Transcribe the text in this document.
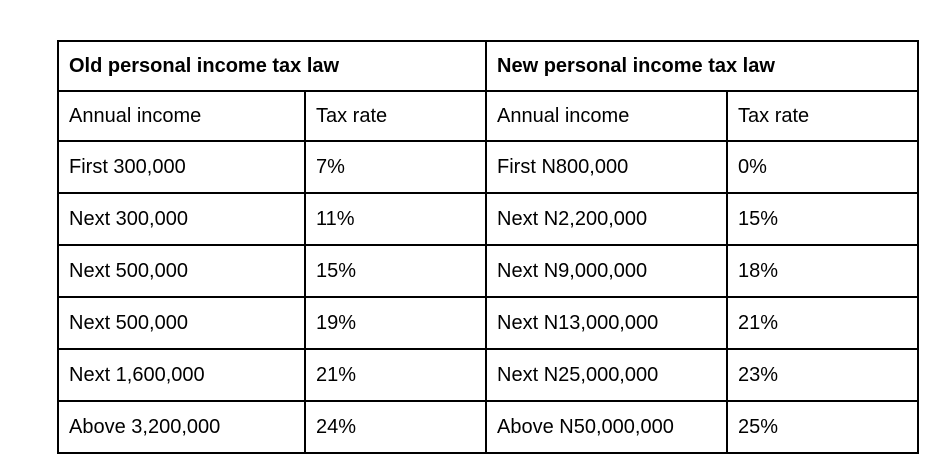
Old personal income tax law		New personal income tax law	
Annual income	Tax rate	Annual income	Tax rate
First 300,000	7%	First N800,000	0%
Next 300,000	11%	Next N2,200,000	15%
Next 500,000	15%	Next N9,000,000	18%
Next 500,000	19%	Next N13,000,000	21%
Next 1,600,000	21%	Next N25,000,000	23%
Above 3,200,000	24%	Above N50,000,000	25%
